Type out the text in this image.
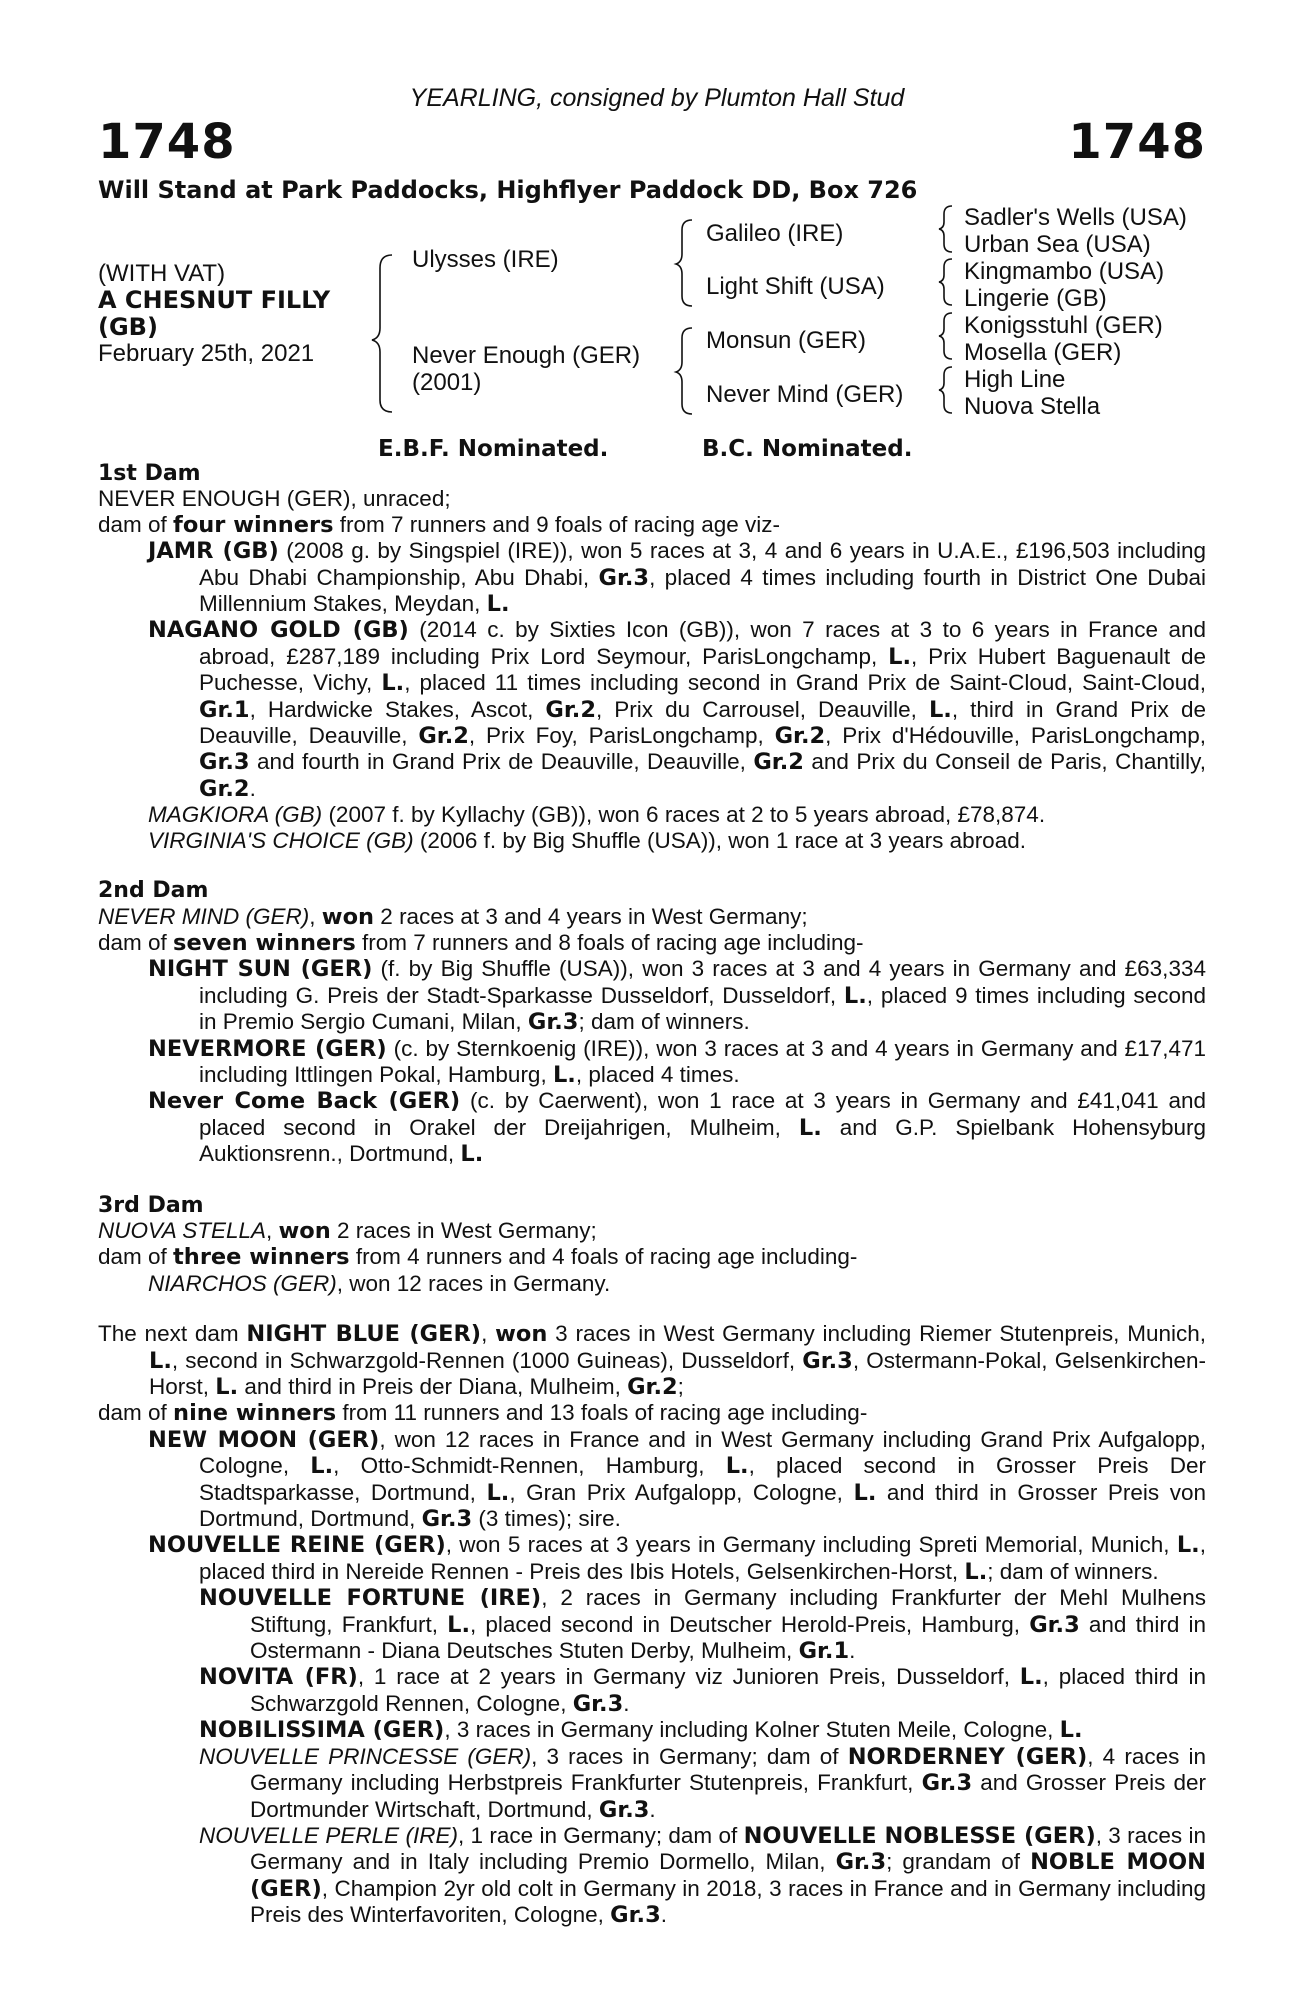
YEARLING, consigned by Plumton Hall Stud
1748	1748
Will Stand at Park Paddocks, Highflyer Paddock DD, Box 726
(WITH VAT)
A CHESNUT FILLY
(GB)
February 25th, 2021
Ulysses (IRE)
Never Enough (GER)
(2001)
Galileo (IRE)
Light Shift (USA)
Monsun (GER)
Never Mind (GER)
Sadler's Wells (USA)
Urban Sea (USA)
Kingmambo (USA)
Lingerie (GB)
Konigsstuhl (GER)
Mosella (GER)
High Line
Nuova Stella
E.B.F. Nominated.	B.C. Nominated.

1st Dam

NEVER ENOUGH (GER), unraced;

dam of four winners from 7 runners and 9 foals of racing age viz-

JAMR (GB) (2008 g. by Singspiel (IRE)), won 5 races at 3, 4 and 6 years in U.A.E., £196,503 including Abu Dhabi Championship, Abu Dhabi, Gr.3, placed 4 times including fourth in District One Dubai Millennium Stakes, Meydan, L.

NAGANO GOLD (GB) (2014 c. by Sixties Icon (GB)), won 7 races at 3 to 6 years in France and abroad, £287,189 including Prix Lord Seymour, ParisLongchamp, L., Prix Hubert Baguenault de Puchesse, Vichy, L., placed 11 times including second in Grand Prix de Saint-Cloud, Saint-Cloud, Gr.1, Hardwicke Stakes, Ascot, Gr.2, Prix du Carrousel, Deauville, L., third in Grand Prix de Deauville, Deauville, Gr.2, Prix Foy, ParisLongchamp, Gr.2, Prix d'Hédouville, ParisLongchamp, Gr.3 and fourth in Grand Prix de Deauville, Deauville, Gr.2 and Prix du Conseil de Paris, Chantilly, Gr.2.

MAGKIORA (GB) (2007 f. by Kyllachy (GB)), won 6 races at 2 to 5 years abroad, £78,874.

VIRGINIA'S CHOICE (GB) (2006 f. by Big Shuffle (USA)), won 1 race at 3 years abroad.

2nd Dam

NEVER MIND (GER), won 2 races at 3 and 4 years in West Germany;

dam of seven winners from 7 runners and 8 foals of racing age including-

NIGHT SUN (GER) (f. by Big Shuffle (USA)), won 3 races at 3 and 4 years in Germany and £63,334 including G. Preis der Stadt-Sparkasse Dusseldorf, Dusseldorf, L., placed 9 times including second in Premio Sergio Cumani, Milan, Gr.3; dam of winners.

NEVERMORE (GER) (c. by Sternkoenig (IRE)), won 3 races at 3 and 4 years in Germany and £17,471 including Ittlingen Pokal, Hamburg, L., placed 4 times.

Never Come Back (GER) (c. by Caerwent), won 1 race at 3 years in Germany and £41,041 and placed second in Orakel der Dreijahrigen, Mulheim, L. and G.P. Spielbank Hohensyburg Auktionsrenn., Dortmund, L.

3rd Dam

NUOVA STELLA, won 2 races in West Germany;

dam of three winners from 4 runners and 4 foals of racing age including-

NIARCHOS (GER), won 12 races in Germany.

The next dam NIGHT BLUE (GER), won 3 races in West Germany including Riemer Stutenpreis, Munich, L., second in Schwarzgold-Rennen (1000 Guineas), Dusseldorf, Gr.3, Ostermann-Pokal, Gelsenkirchen-Horst, L. and third in Preis der Diana, Mulheim, Gr.2;

dam of nine winners from 11 runners and 13 foals of racing age including-

NEW MOON (GER), won 12 races in France and in West Germany including Grand Prix Aufgalopp, Cologne, L., Otto-Schmidt-Rennen, Hamburg, L., placed second in Grosser Preis Der Stadtsparkasse, Dortmund, L., Gran Prix Aufgalopp, Cologne, L. and third in Grosser Preis von Dortmund, Dortmund, Gr.3 (3 times); sire.

NOUVELLE REINE (GER), won 5 races at 3 years in Germany including Spreti Memorial, Munich, L., placed third in Nereide Rennen - Preis des Ibis Hotels, Gelsenkirchen-Horst, L.; dam of winners.

NOUVELLE FORTUNE (IRE), 2 races in Germany including Frankfurter der Mehl Mulhens Stiftung, Frankfurt, L., placed second in Deutscher Herold-Preis, Hamburg, Gr.3 and third in Ostermann - Diana Deutsches Stuten Derby, Mulheim, Gr.1.

NOVITA (FR), 1 race at 2 years in Germany viz Junioren Preis, Dusseldorf, L., placed third in Schwarzgold Rennen, Cologne, Gr.3.

NOBILISSIMA (GER), 3 races in Germany including Kolner Stuten Meile, Cologne, L.

NOUVELLE PRINCESSE (GER), 3 races in Germany; dam of NORDERNEY (GER), 4 races in Germany including Herbstpreis Frankfurter Stutenpreis, Frankfurt, Gr.3 and Grosser Preis der Dortmunder Wirtschaft, Dortmund, Gr.3.

NOUVELLE PERLE (IRE), 1 race in Germany; dam of NOUVELLE NOBLESSE (GER), 3 races in Germany and in Italy including Premio Dormello, Milan, Gr.3; grandam of NOBLE MOON (GER), Champion 2yr old colt in Germany in 2018, 3 races in France and in Germany including Preis des Winterfavoriten, Cologne, Gr.3.
